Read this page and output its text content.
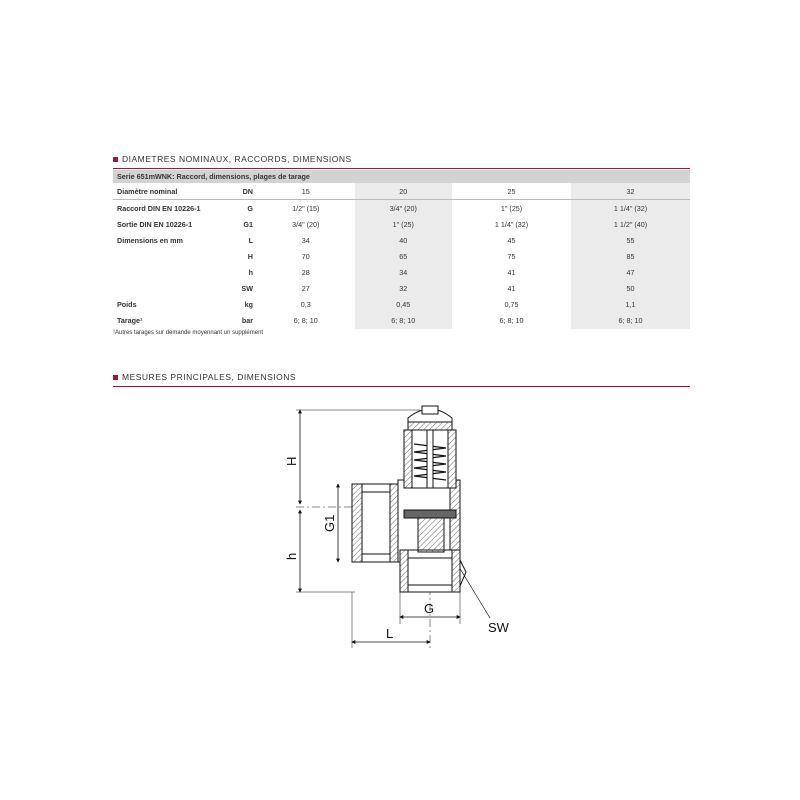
DIAMETRES NOMINAUX, RACCORDS, DIMENSIONS
Serie 651mWNK: Raccord, dimensions, plages de tarage					
Diamètre nominal	DN	15	20	25	32
Raccord DIN EN 10226-1	G	1/2" (15)	3/4" (20)	1" (25)	1 1/4" (32)
Sortie DIN EN 10226-1	G1	3/4" (20)	1" (25)	1 1/4" (32)	1 1/2" (40)
Dimensions en mm	L	34	40	45	55
	H	70	65	75	85
	h	28	34	41	47
	SW	27	32	41	50
Poids	kg	0,3	0,45	0,75	1,1
Tarage¹	bar	6; 8; 10	6; 8; 10	6; 8; 10	6; 8; 10
¹Autres tarages sur demande moyennant un supplément
MESURES PRINCIPALES, DIMENSIONS
H
h
G1
G
L	SW
